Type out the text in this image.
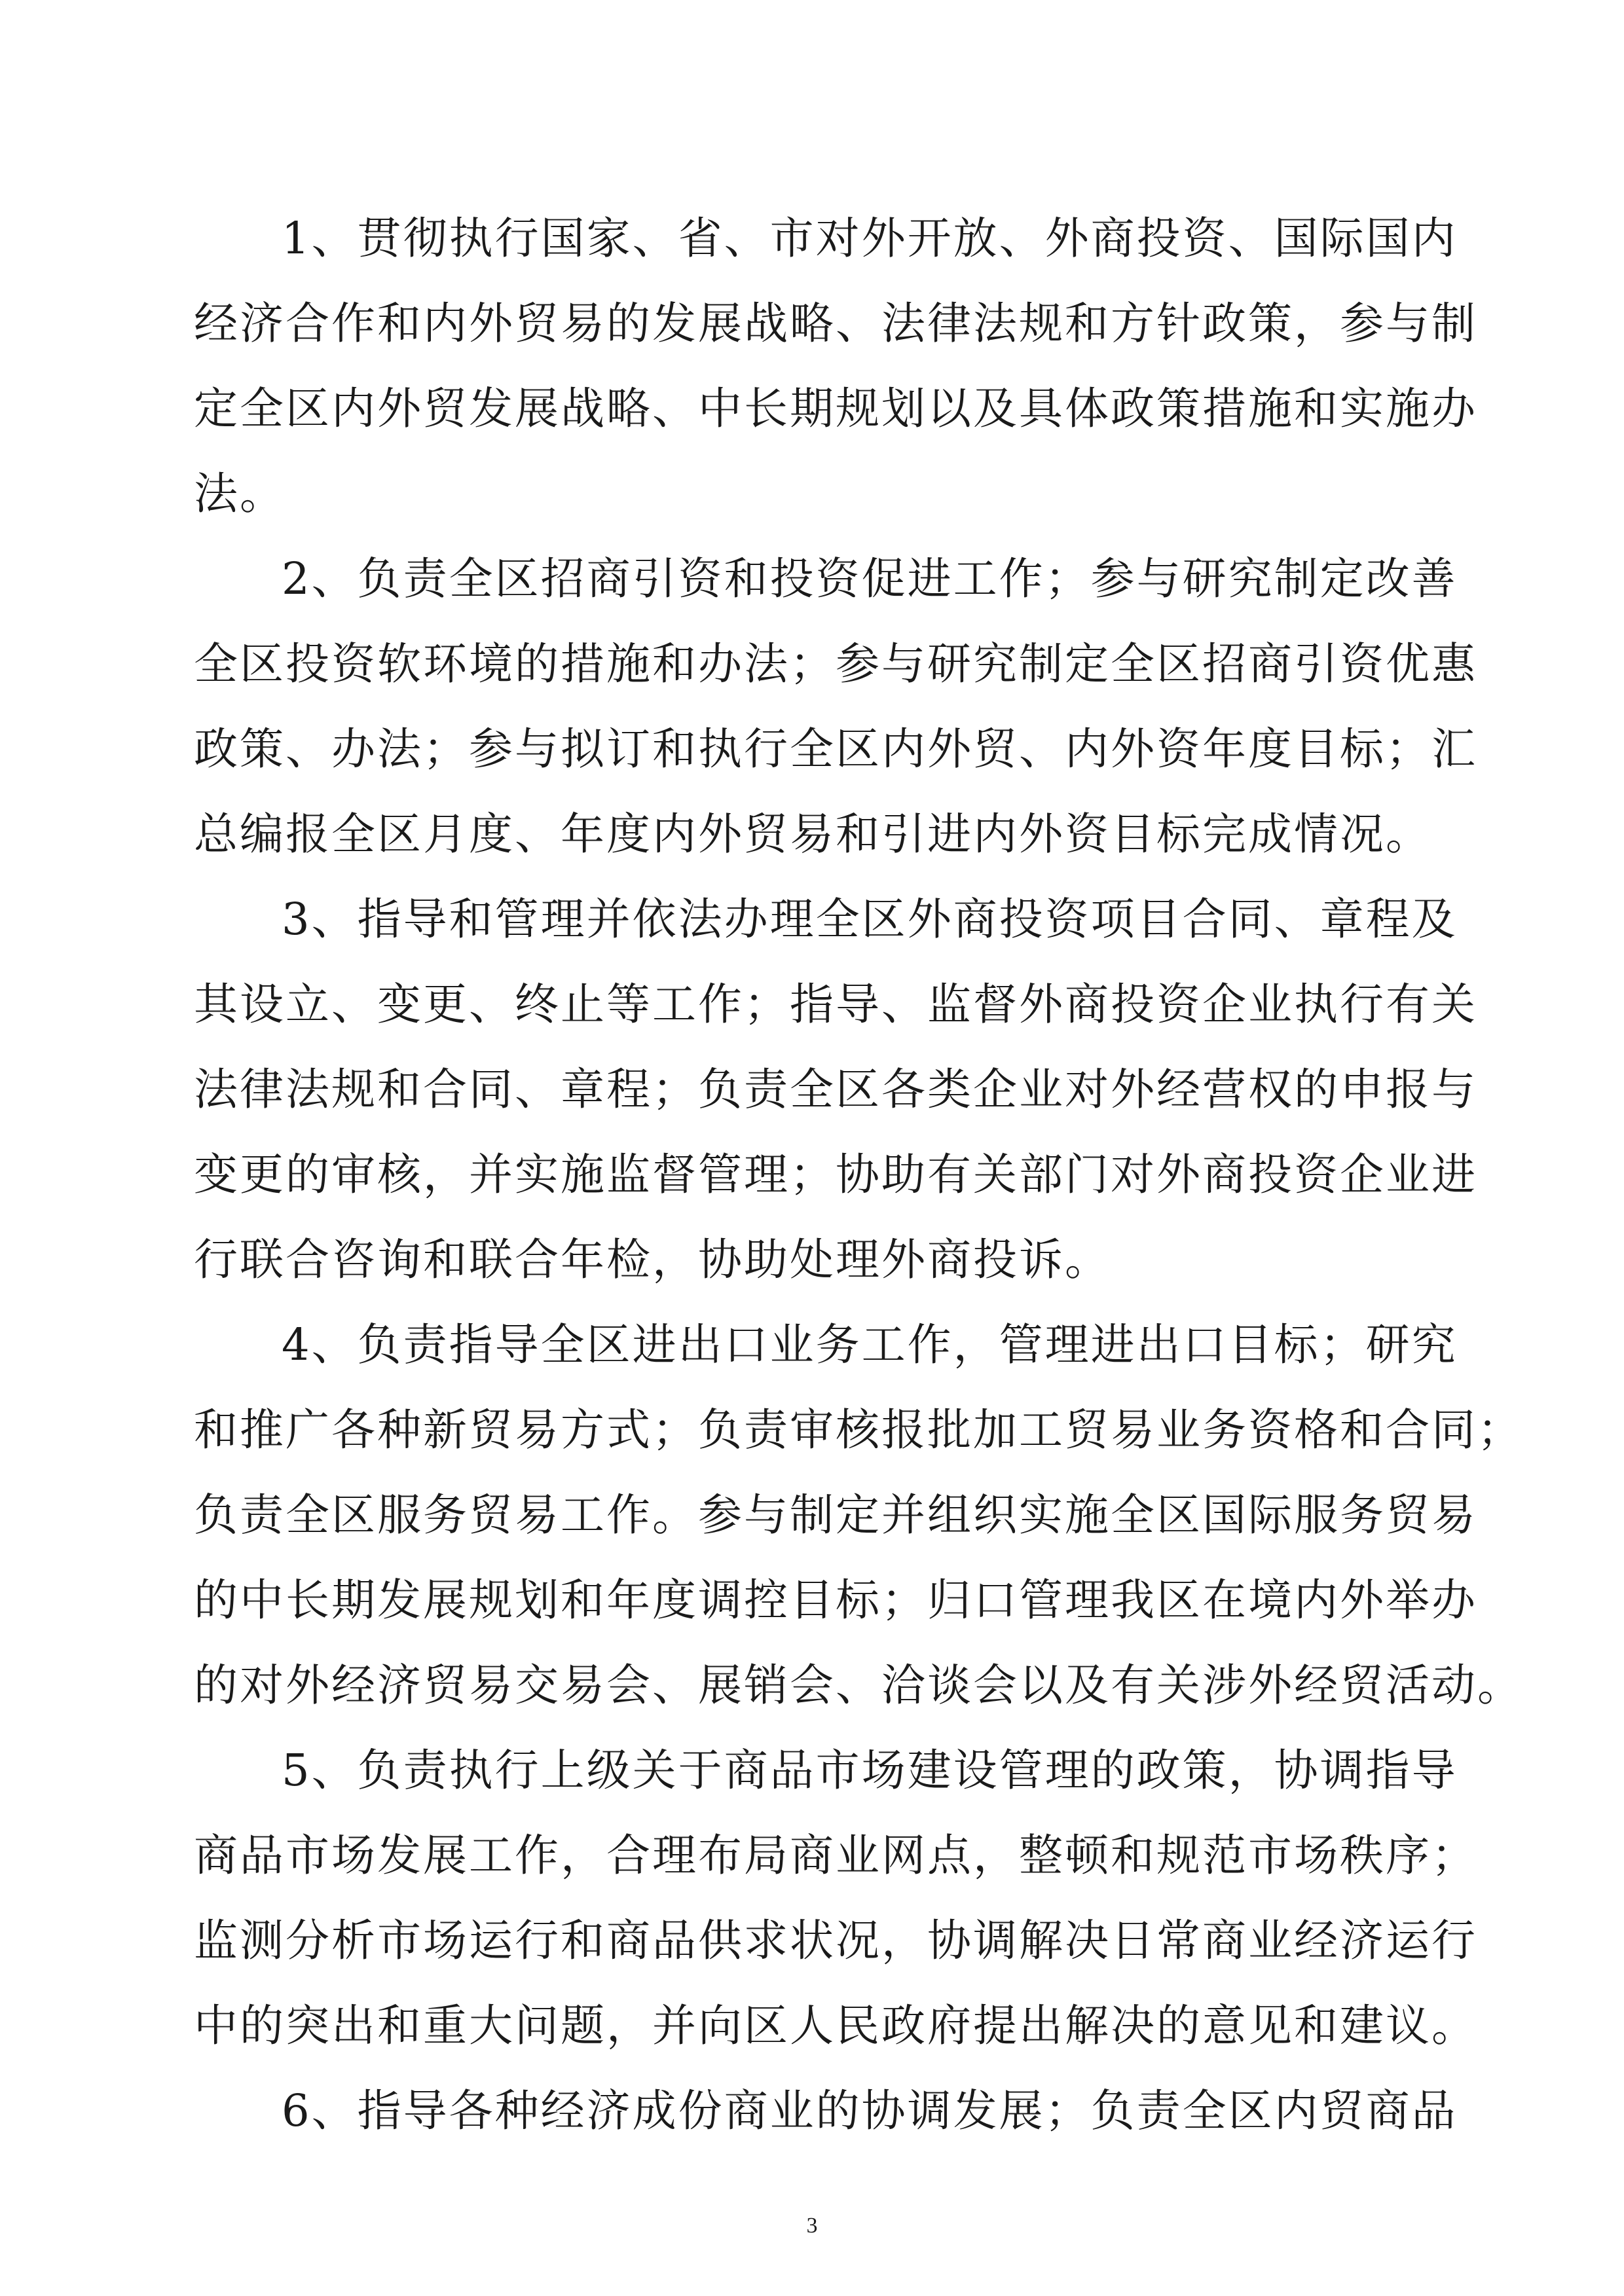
1、贯彻执行国家、省、市对外开放、外商投资、国际国内
经济合作和内外贸易的发展战略、法律法规和方针政策，参与制
定全区内外贸发展战略、中长期规划以及具体政策措施和实施办
法。
2、负责全区招商引资和投资促进工作；参与研究制定改善
全区投资软环境的措施和办法；参与研究制定全区招商引资优惠
政策、办法；参与拟订和执行全区内外贸、内外资年度目标；汇
总编报全区月度、年度内外贸易和引进内外资目标完成情况。
3、指导和管理并依法办理全区外商投资项目合同、章程及
其设立、变更、终止等工作；指导、监督外商投资企业执行有关
法律法规和合同、章程；负责全区各类企业对外经营权的申报与
变更的审核，并实施监督管理；协助有关部门对外商投资企业进
行联合咨询和联合年检，协助处理外商投诉。
4、负责指导全区进出口业务工作，管理进出口目标；研究
和推广各种新贸易方式；负责审核报批加工贸易业务资格和合同；
负责全区服务贸易工作。参与制定并组织实施全区国际服务贸易
的中长期发展规划和年度调控目标；归口管理我区在境内外举办
的对外经济贸易交易会、展销会、洽谈会以及有关涉外经贸活动。
5、负责执行上级关于商品市场建设管理的政策，协调指导
商品市场发展工作，合理布局商业网点，整顿和规范市场秩序；
监测分析市场运行和商品供求状况，协调解决日常商业经济运行
中的突出和重大问题，并向区人民政府提出解决的意见和建议。
6、指导各种经济成份商业的协调发展；负责全区内贸商品
3
